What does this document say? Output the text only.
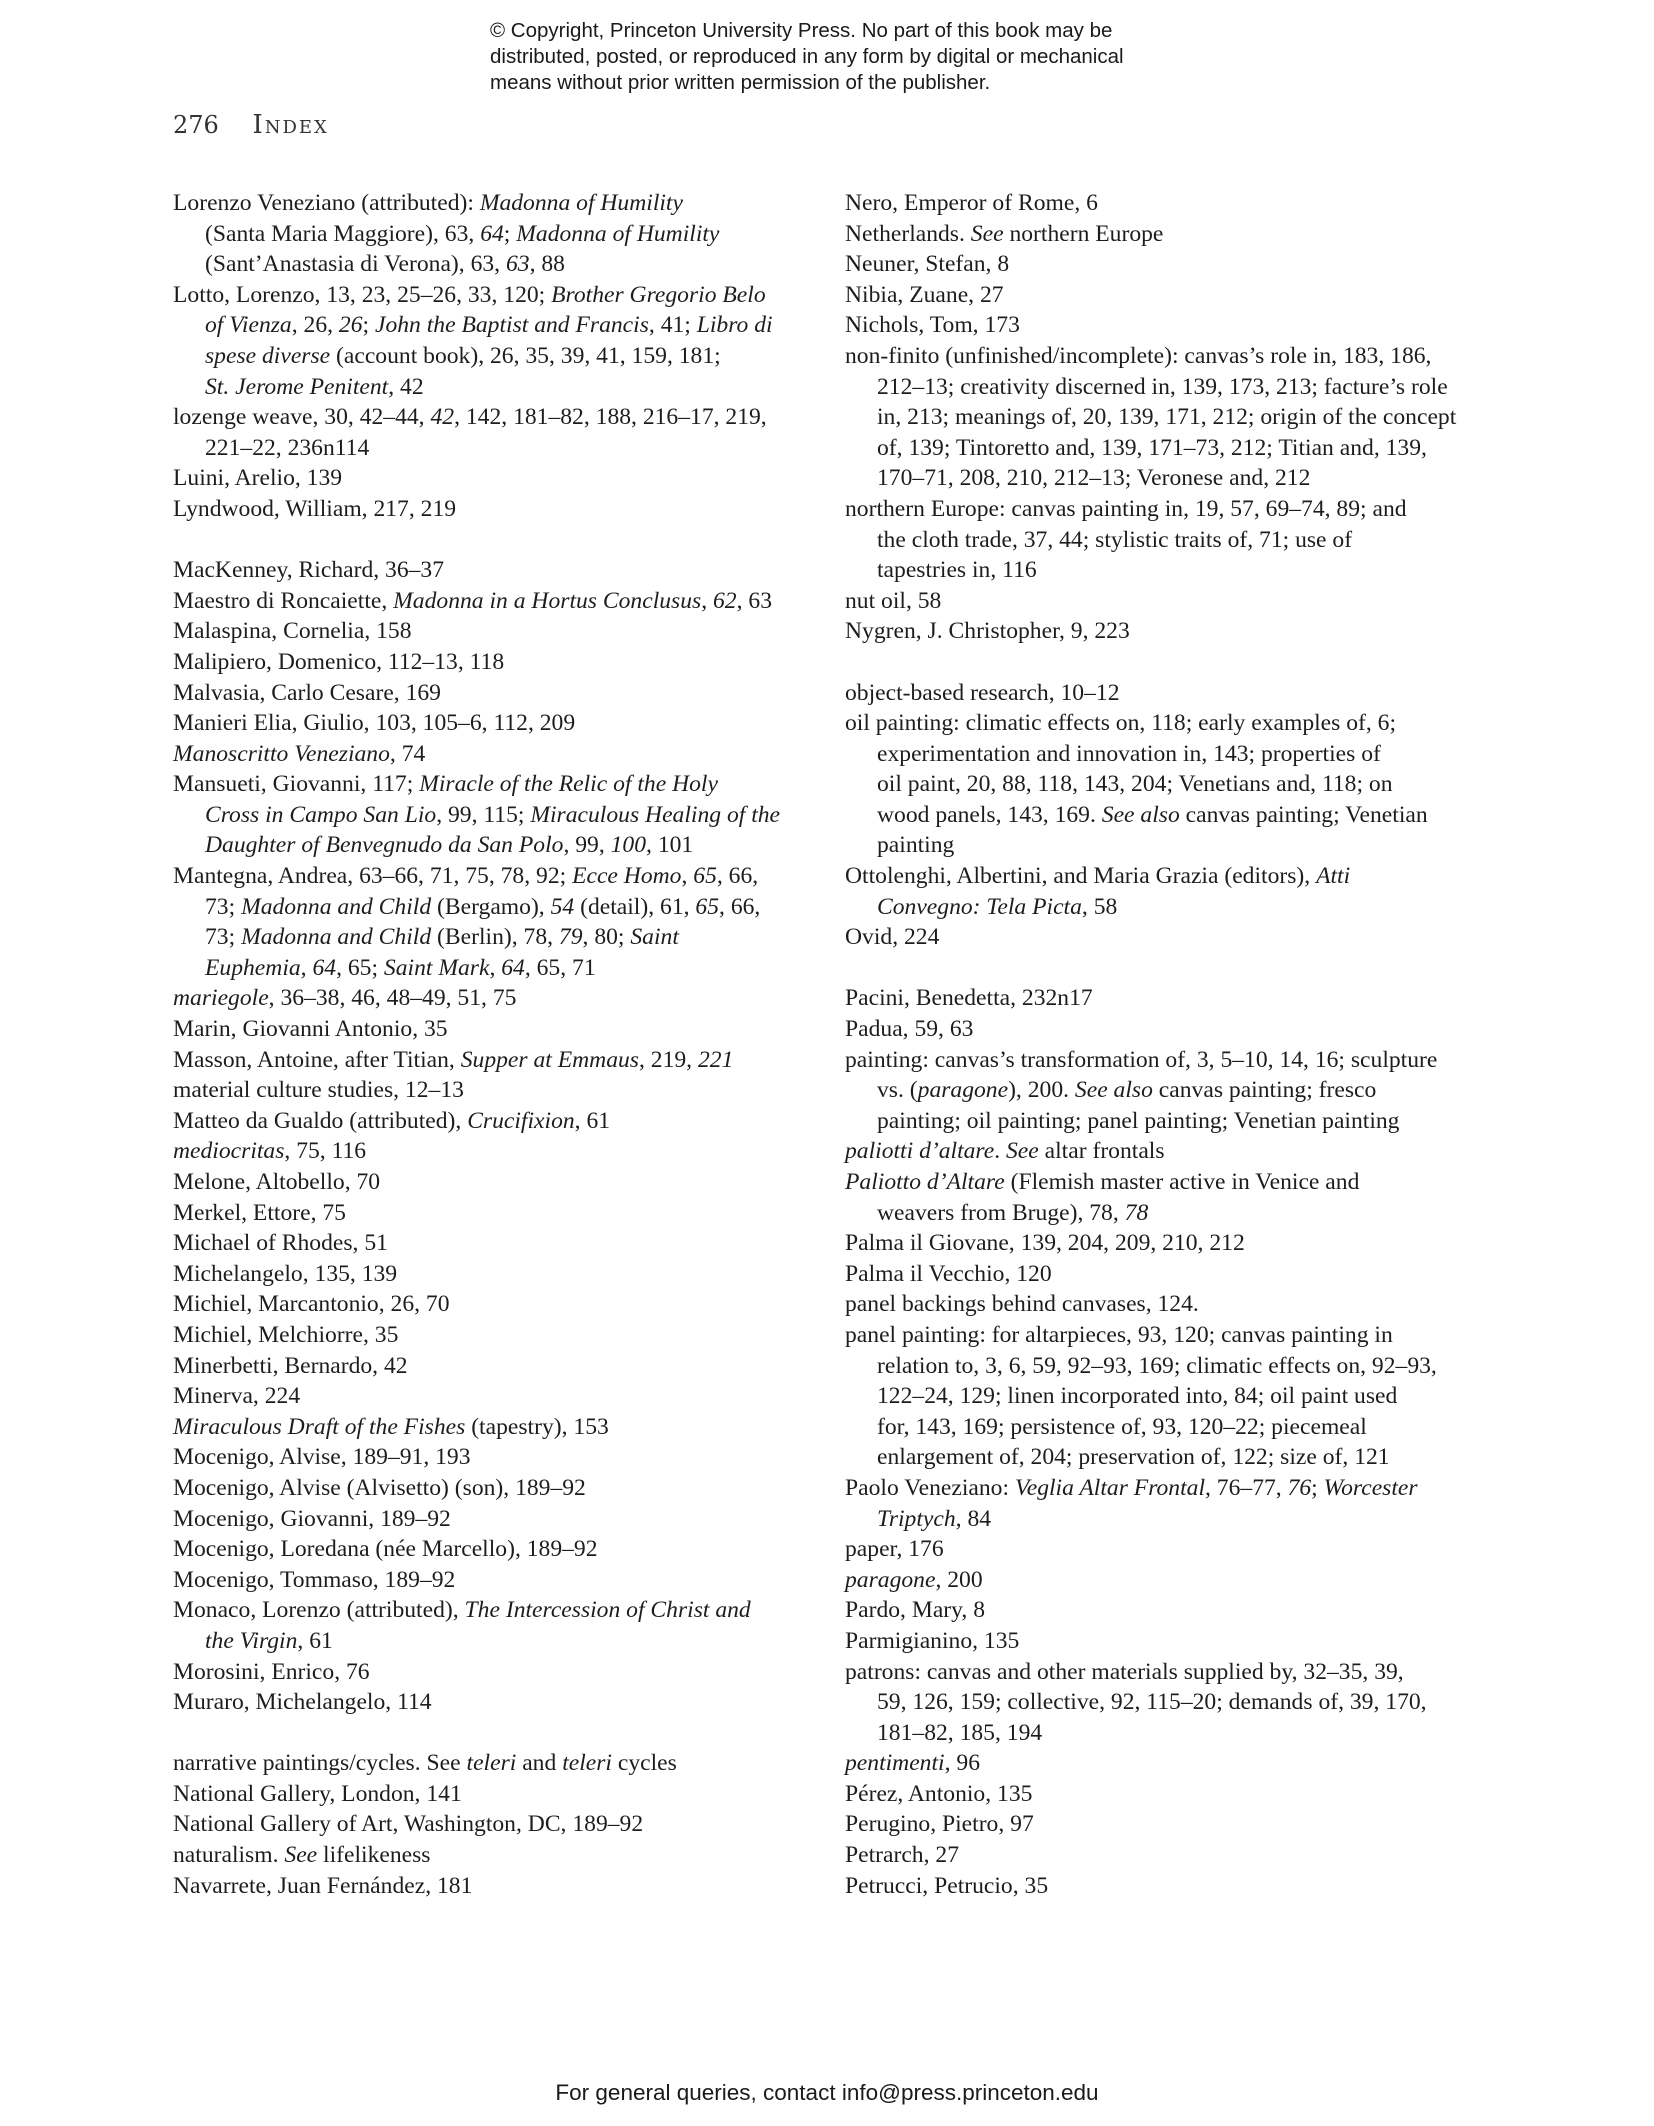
© Copyright, Princeton University Press. No part of this book may be
distributed, posted, or reproduced in any form by digital or mechanical
means without prior written permission of the publisher.
276 Index
Lorenzo Veneziano (attributed): Madonna of Humility
(Santa Maria Maggiore), 63, 64; Madonna of Humility
(Sant’Anastasia di Verona), 63, 63, 88
Lotto, Lorenzo, 13, 23, 25–26, 33, 120; Brother Gregorio Belo
of Vienza, 26, 26; John the Baptist and Francis, 41; Libro di
spese diverse (account book), 26, 35, 39, 41, 159, 181;
St. Jerome Penitent, 42
lozenge weave, 30, 42–44, 42, 142, 181–82, 188, 216–17, 219,
221–22, 236n114
Luini, Arelio, 139
Lyndwood, William, 217, 219
MacKenney, Richard, 36–37
Maestro di Roncaiette, Madonna in a Hortus Conclusus, 62, 63
Malaspina, Cornelia, 158
Malipiero, Domenico, 112–13, 118
Malvasia, Carlo Cesare, 169
Manieri Elia, Giulio, 103, 105–6, 112, 209
Manoscritto Veneziano, 74
Mansueti, Giovanni, 117; Miracle of the Relic of the Holy
Cross in Campo San Lio, 99, 115; Miraculous Healing of the
Daughter of Benvegnudo da San Polo, 99, 100, 101
Mantegna, Andrea, 63–66, 71, 75, 78, 92; Ecce Homo, 65, 66,
73; Madonna and Child (Bergamo), 54 (detail), 61, 65, 66,
73; Madonna and Child (Berlin), 78, 79, 80; Saint
Euphemia, 64, 65; Saint Mark, 64, 65, 71
mariegole, 36–38, 46, 48–49, 51, 75
Marin, Giovanni Antonio, 35
Masson, Antoine, after Titian, Supper at Emmaus, 219, 221
material culture studies, 12–13
Matteo da Gualdo (attributed), Crucifixion, 61
mediocritas, 75, 116
Melone, Altobello, 70
Merkel, Ettore, 75
Michael of Rhodes, 51
Michelangelo, 135, 139
Michiel, Marcantonio, 26, 70
Michiel, Melchiorre, 35
Minerbetti, Bernardo, 42
Minerva, 224
Miraculous Draft of the Fishes (tapestry), 153
Mocenigo, Alvise, 189–91, 193
Mocenigo, Alvise (Alvisetto) (son), 189–92
Mocenigo, Giovanni, 189–92
Mocenigo, Loredana (née Marcello), 189–92
Mocenigo, Tommaso, 189–92
Monaco, Lorenzo (attributed), The Intercession of Christ and
the Virgin, 61
Morosini, Enrico, 76
Muraro, Michelangelo, 114
narrative paintings/cycles. See teleri and teleri cycles
National Gallery, London, 141
National Gallery of Art, Washington, DC, 189–92
naturalism. See lifelikeness
Navarrete, Juan Fernández, 181
Nero, Emperor of Rome, 6
Netherlands. See northern Europe
Neuner, Stefan, 8
Nibia, Zuane, 27
Nichols, Tom, 173
non-finito (unfinished/incomplete): canvas’s role in, 183, 186,
212–13; creativity discerned in, 139, 173, 213; facture’s role
in, 213; meanings of, 20, 139, 171, 212; origin of the concept
of, 139; Tintoretto and, 139, 171–73, 212; Titian and, 139,
170–71, 208, 210, 212–13; Veronese and, 212
northern Europe: canvas painting in, 19, 57, 69–74, 89; and
the cloth trade, 37, 44; stylistic traits of, 71; use of
tapestries in, 116
nut oil, 58
Nygren, J. Christopher, 9, 223
object-based research, 10–12
oil painting: climatic effects on, 118; early examples of, 6;
experimentation and innovation in, 143; properties of
oil paint, 20, 88, 118, 143, 204; Venetians and, 118; on
wood panels, 143, 169. See also canvas painting; Venetian
painting
Ottolenghi, Albertini, and Maria Grazia (editors), Atti
Convegno: Tela Picta, 58
Ovid, 224
Pacini, Benedetta, 232n17
Padua, 59, 63
painting: canvas’s transformation of, 3, 5–10, 14, 16; sculpture
vs. (paragone), 200. See also canvas painting; fresco
painting; oil painting; panel painting; Venetian painting
paliotti d’altare. See altar frontals
Paliotto d’Altare (Flemish master active in Venice and
weavers from Bruge), 78, 78
Palma il Giovane, 139, 204, 209, 210, 212
Palma il Vecchio, 120
panel backings behind canvases, 124.
panel painting: for altarpieces, 93, 120; canvas painting in
relation to, 3, 6, 59, 92–93, 169; climatic effects on, 92–93,
122–24, 129; linen incorporated into, 84; oil paint used
for, 143, 169; persistence of, 93, 120–22; piecemeal
enlargement of, 204; preservation of, 122; size of, 121
Paolo Veneziano: Veglia Altar Frontal, 76–77, 76; Worcester
Triptych, 84
paper, 176
paragone, 200
Pardo, Mary, 8
Parmigianino, 135
patrons: canvas and other materials supplied by, 32–35, 39,
59, 126, 159; collective, 92, 115–20; demands of, 39, 170,
181–82, 185, 194
pentimenti, 96
Pérez, Antonio, 135
Perugino, Pietro, 97
Petrarch, 27
Petrucci, Petrucio, 35
For general queries, contact info@press.princeton.edu
